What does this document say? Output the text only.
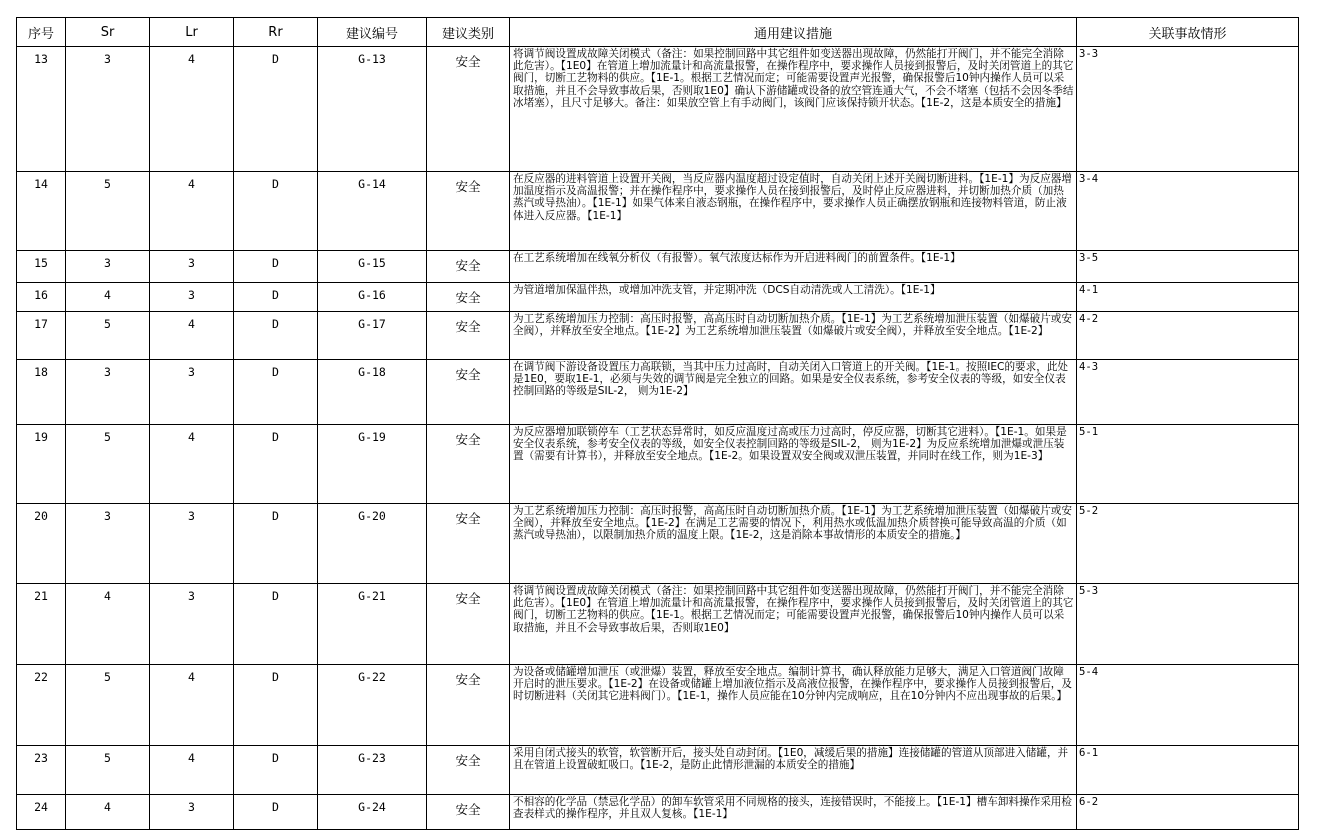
序号	Sr	Lr	Rr	建议编号	建议类别	通用建议措施	关联事故情形
13	3	4	D	G-13	安全	将调节阀设置成故障关闭模式（备注：如果控制回路中其它组件如变送器出现故障，仍然能打开阀门，并不能完全消除此危害）。【1E0】在管道上增加流量计和高流量报警，在操作程序中，要求操作人员接到报警后，及时关闭管道上的其它阀门，切断工艺物料的供应。【1E-1。根据工艺情况而定；可能需要设置声光报警，确保报警后10钟内操作人员可以采取措施，并且不会导致事故后果，否则取1E0】确认下游储罐或设备的放空管连通大气，不会不堵塞（包括不会因冬季结冰堵塞），且尺寸足够大。备注：如果放空管上有手动阀门，该阀门应该保持锁开状态。【1E-2，这是本质安全的措施】	3-3
14	5	4	D	G-14	安全	在反应器的进料管道上设置开关阀，当反应器内温度超过设定值时，自动关闭上述开关阀切断进料。【1E-1】为反应器增加温度指示及高温报警；并在操作程序中，要求操作人员在接到报警后，及时停止反应器进料，并切断加热介质（加热蒸汽或导热油）。【1E-1】如果气体来自液态钢瓶，在操作程序中，要求操作人员正确摆放钢瓶和连接物料管道，防止液体进入反应器。【1E-1】	3-4
15	3	3	D	G-15	安全	在工艺系统增加在线氧分析仪（有报警）。氧气浓度达标作为开启进料阀门的前置条件。【1E-1】	3-5
16	4	3	D	G-16	安全	为管道增加保温伴热，或增加冲洗支管，并定期冲洗（DCS自动清洗或人工清洗）。【1E-1】	4-1
17	5	4	D	G-17	安全	为工艺系统增加压力控制：高压时报警，高高压时自动切断加热介质。【1E-1】为工艺系统增加泄压装置（如爆破片或安全阀），并释放至安全地点。【1E-2】为工艺系统增加泄压装置（如爆破片或安全阀），并释放至安全地点。【1E-2】	4-2
18	3	3	D	G-18	安全	在调节阀下游设备设置压力高联锁，当其中压力过高时，自动关闭入口管道上的开关阀。【1E-1。按照IEC的要求，此处是1E0，要取1E-1，必须与失效的调节阀是完全独立的回路。如果是安全仪表系统，参考安全仪表的等级，如安全仪表控制回路的等级是SIL-2， 则为1E-2】	4-3
19	5	4	D	G-19	安全	为反应器增加联锁停车（工艺状态异常时，如反应温度过高或压力过高时，停反应器，切断其它进料）。【1E-1。如果是安全仪表系统，参考安全仪表的等级，如安全仪表控制回路的等级是SIL-2， 则为1E-2】为反应系统增加泄爆或泄压装置（需要有计算书），并释放至安全地点。【1E-2。如果设置双安全阀或双泄压装置，并同时在线工作，则为1E-3】	5-1
20	3	3	D	G-20	安全	为工艺系统增加压力控制：高压时报警，高高压时自动切断加热介质。【1E-1】为工艺系统增加泄压装置（如爆破片或安全阀），并释放至安全地点。【1E-2】在满足工艺需要的情况下，利用热水或低温加热介质替换可能导致高温的介质（如蒸汽或导热油），以限制加热介质的温度上限。【1E-2，这是消除本事故情形的本质安全的措施。】	5-2
21	4	3	D	G-21	安全	将调节阀设置成故障关闭模式（备注：如果控制回路中其它组件如变送器出现故障，仍然能打开阀门，并不能完全消除此危害）。【1E0】在管道上增加流量计和高流量报警，在操作程序中，要求操作人员接到报警后，及时关闭管道上的其它阀门，切断工艺物料的供应。【1E-1。根据工艺情况而定；可能需要设置声光报警，确保报警后10钟内操作人员可以采取措施，并且不会导致事故后果，否则取1E0】	5-3
22	5	4	D	G-22	安全	为设备或储罐增加泄压（或泄爆）装置，释放至安全地点。编制计算书，确认释放能力足够大，满足入口管道阀门故障开启时的泄压要求。【1E-2】在设备或储罐上增加液位指示及高液位报警，在操作程序中，要求操作人员接到报警后，及时切断进料（关闭其它进料阀门）。【1E-1，操作人员应能在10分钟内完成响应，且在10分钟内不应出现事故的后果。】	5-4
23	5	4	D	G-23	安全	采用自闭式接头的软管，软管断开后，接头处自动封闭。【1E0，减缓后果的措施】连接储罐的管道从顶部进入储罐，并且在管道上设置破虹吸口。【1E-2，是防止此情形泄漏的本质安全的措施】	6-1
24	4	3	D	G-24	安全	不相容的化学品（禁忌化学品）的卸车软管采用不同规格的接头，连接错误时，不能接上。【1E-1】槽车卸料操作采用检查表样式的操作程序，并且双人复核。【1E-1】	6-2
